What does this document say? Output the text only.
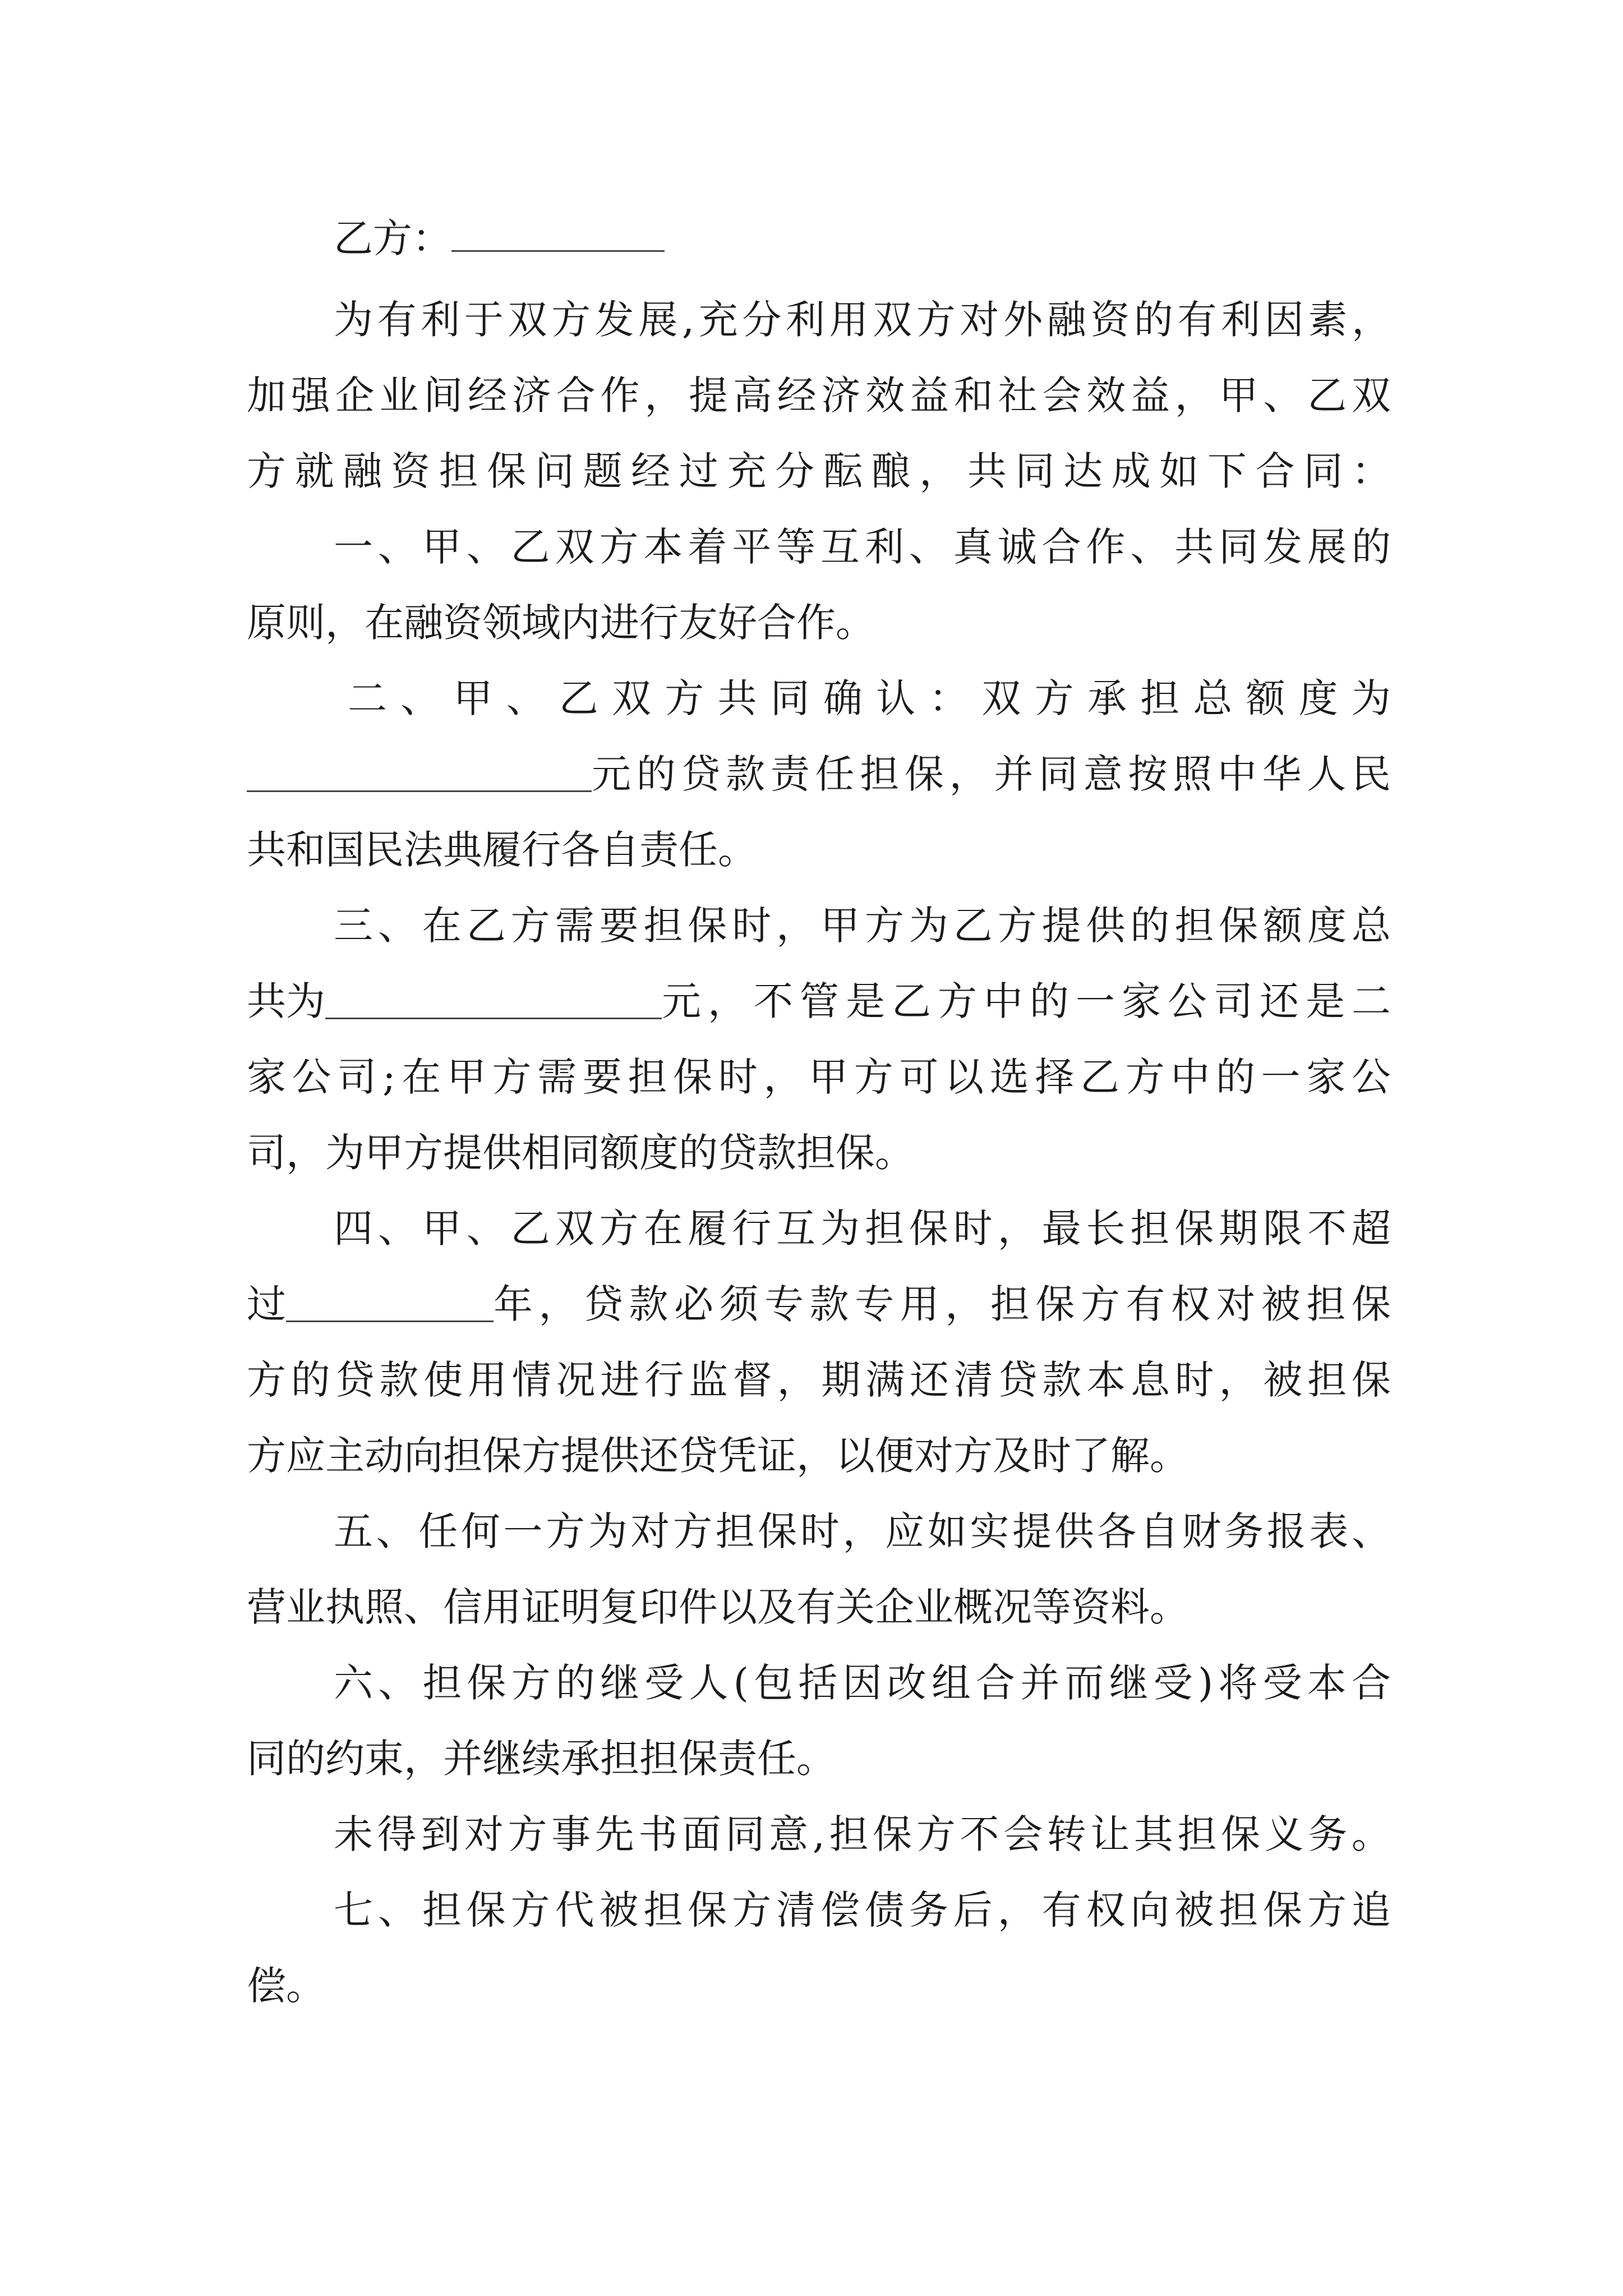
乙方：
为有利于双方发展,充分利用双方对外融资的有利因素，
加强企业间经济合作，提高经济效益和社会效益，甲、乙双
方就融资担保问题经过充分酝酿，共同达成如下合同：
一、甲、乙双方本着平等互利、真诚合作、共同发展的
原则，在融资领域内进行友好合作。
二、甲、乙双方共同确认：双方承担总额度为
元的贷款责任担保，并同意按照中华人民
共和国民法典履行各自责任。
三、在乙方需要担保时，甲方为乙方提供的担保额度总
共为	元，不管是乙方中的一家公司还是二
家公司;在甲方需要担保时，甲方可以选择乙方中的一家公
司，为甲方提供相同额度的贷款担保。
四、甲、乙双方在履行互为担保时，最长担保期限不超
过	年，贷款必须专款专用，担保方有权对被担保
方的贷款使用情况进行监督，期满还清贷款本息时，被担保
方应主动向担保方提供还贷凭证，以便对方及时了解。
五、任何一方为对方担保时，应如实提供各自财务报表、
营业执照、信用证明复印件以及有关企业概况等资料。
六、担保方的继受人(包括因改组合并而继受)将受本合
同的约束，并继续承担担保责任。
未得到对方事先书面同意,担保方不会转让其担保义务。
七、担保方代被担保方清偿债务后，有权向被担保方追
偿。
